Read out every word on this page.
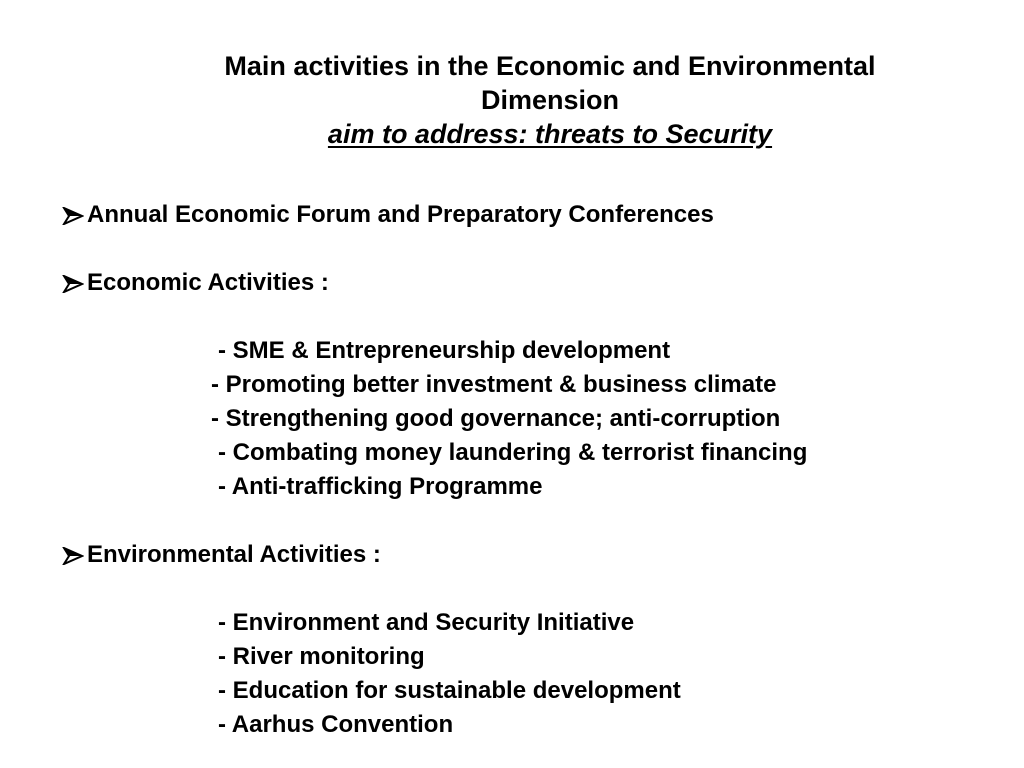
Main activities in the Economic and Environmental
Dimension
aim to address: threats to Security
Annual Economic Forum and Preparatory Conferences
Economic Activities :
- SME & Entrepreneurship development
- Promoting better investment & business climate
- Strengthening good governance; anti-corruption
- Combating money laundering & terrorist financing
- Anti-trafficking Programme
Environmental Activities :
- Environment and Security Initiative
- River monitoring
- Education for sustainable development
- Aarhus Convention
